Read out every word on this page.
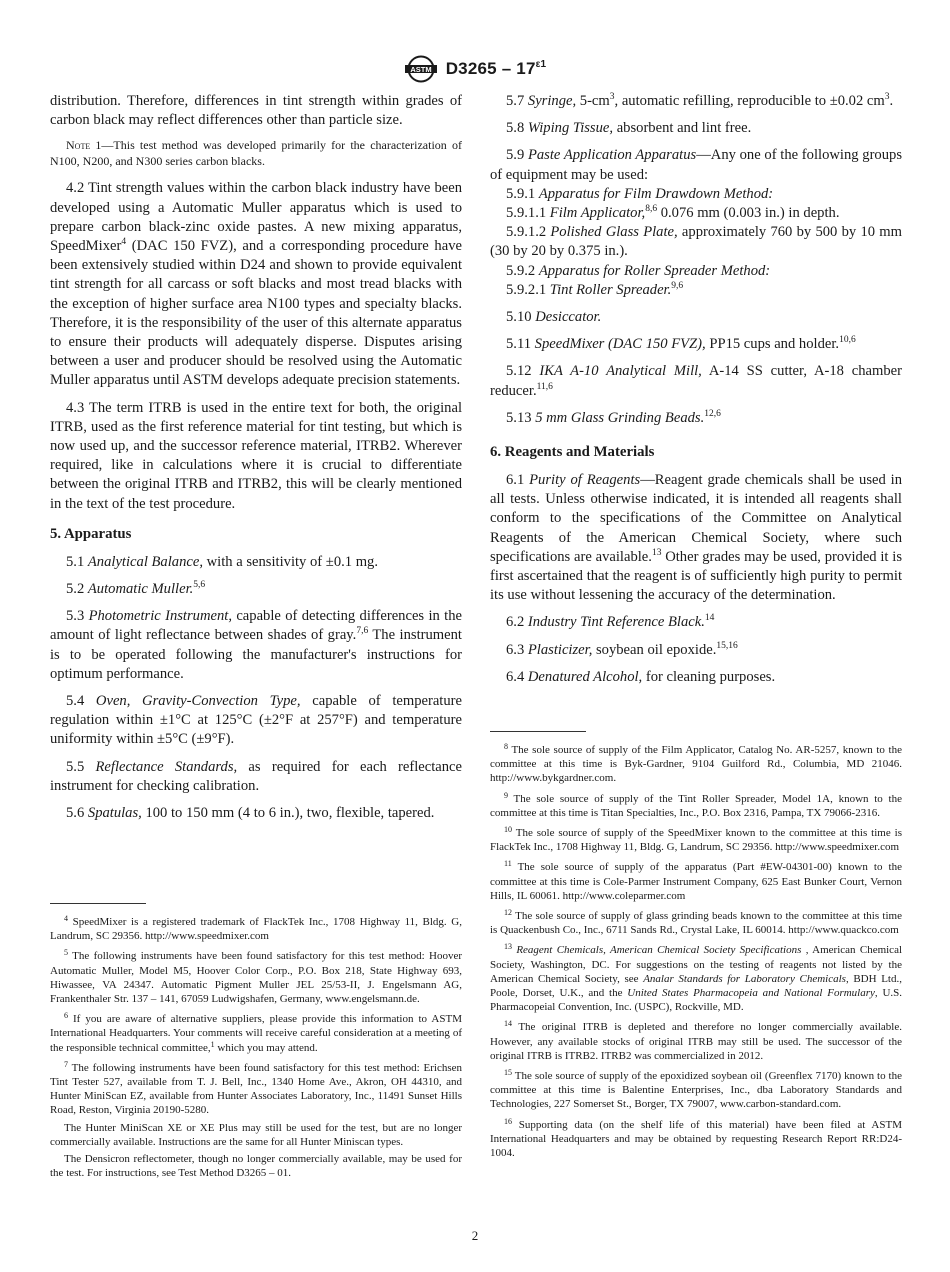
ASTM $D3265 - 17^{\varepsilon 1}$

distribution. Therefore, differences in tint strength within grades of carbon black may reflect differences other than particle size.

Note 1—This test method was developed primarily for the characterization of N100, N200, and N300 series carbon blacks.

4.2 Tint strength values within the carbon black industry have been developed using a Automatic Muller apparatus which is used to prepare carbon black-zinc oxide pastes. A new mixing apparatus, SpeedMixer$^4$ (DAC 150 FVZ), and a corresponding procedure have been extensively studied within D24 and shown to provide equivalent tint strength for all carcass or soft blacks and most tread blacks with the exception of higher surface area N100 types and specialty blacks. Therefore, it is the responsibility of the user of this alternate apparatus to ensure their products will adequately disperse. Disputes arising between a user and producer should be resolved using the Automatic Muller apparatus until ASTM develops adequate precision statements.

4.3 The term ITRB is used in the entire text for both, the original ITRB, used as the first reference material for tint testing, but which is now used up, and the successor reference material, ITRB2. Wherever required, like in calculations where it is crucial to differentiate between the original ITRB and ITRB2, this will be clearly mentioned in the text of the test procedure.

5. Apparatus

5.1 Analytical Balance, with a sensitivity of ±0.1 mg.

5.2 Automatic Muller.$^{5,6}$

5.3 Photometric Instrument, capable of detecting differences in the amount of light reflectance between shades of gray.$^{7,6}$ The instrument is to be operated following the manufacturer's instructions for optimum performance.

5.4 Oven, Gravity-Convection Type, capable of temperature regulation within ±1°C at 125°C (±2°F at 257°F) and temperature uniformity within ±5°C (±9°F).

5.5 Reflectance Standards, as required for each reflectance instrument for checking calibration.

5.6 Spatulas, 100 to 150 mm (4 to 6 in.), two, flexible, tapered.

$^4$ SpeedMixer is a registered trademark of FlackTek Inc., 1708 Highway 11, Bldg. G, Landrum, SC 29356. http://www.speedmixer.com

$^5$ The following instruments have been found satisfactory for this test method: Hoover Automatic Muller, Model M5, Hoover Color Corp., P.O. Box 218, State Highway 693, Hiwassee, VA 24347. Automatic Pigment Muller JEL 25/53-II, J. Engelsmann AG, Frankenthaler Str. 137 – 141, 67059 Ludwigshafen, Germany, www.engelsmann.de.

$^6$ If you are aware of alternative suppliers, please provide this information to ASTM International Headquarters. Your comments will receive careful consideration at a meeting of the responsible technical committee,$^1$ which you may attend.

$^7$ The following instruments have been found satisfactory for this test method: Erichsen Tint Tester 527, available from T. J. Bell, Inc., 1340 Home Ave., Akron, OH 44310, and Hunter MiniScan EZ, available from Hunter Associates Laboratory, Inc., 11491 Sunset Hills Road, Reston, Virginia 20190-5280.

The Hunter MiniScan XE or XE Plus may still be used for the test, but are no longer commercially available. Instructions are the same for all Hunter Miniscan types.

The Densicron reflectometer, though no longer commercially available, may be used for the test. For instructions, see Test Method D3265 – 01.

5.7 Syringe, $5-cm^3$, automatic refilling, reproducible to ±0.02 $cm^3$.

5.8 Wiping Tissue, absorbent and lint free.

5.9 Paste Application Apparatus—Any one of the following groups of equipment may be used:

5.9.1 Apparatus for Film Drawdown Method:

5.9.1.1 Film Applicator,$^{8,6}$ 0.076 mm (0.003 in.) in depth.

5.9.1.2 Polished Glass Plate, approximately 760 by 500 by 10 mm (30 by 20 by 0.375 in.).

5.9.2 Apparatus for Roller Spreader Method:

5.9.2.1 Tint Roller Spreader.$^{9,6}$

5.10 Desiccator.

5.11 SpeedMixer (DAC 150 FVZ), PP15 cups and holder.$^{10,6}$

5.12 IKA A-10 Analytical Mill, A-14 SS cutter, A-18 chamber reducer.$^{11,6}$

5.13 5 mm Glass Grinding Beads.$^{12,6}$

6. Reagents and Materials

6.1 Purity of Reagents—Reagent grade chemicals shall be used in all tests. Unless otherwise indicated, it is intended all reagents shall conform to the specifications of the Committee on Analytical Reagents of the American Chemical Society, where such specifications are available.$^{13}$ Other grades may be used, provided it is first ascertained that the reagent is of sufficiently high purity to permit its use without lessening the accuracy of the determination.

6.2 Industry Tint Reference Black.$^{14}$

6.3 Plasticizer, soybean oil epoxide.$^{15,16}$

6.4 Denatured Alcohol, for cleaning purposes.

$^8$ The sole source of supply of the Film Applicator, Catalog No. AR-5257, known to the committee at this time is Byk-Gardner, 9104 Guilford Rd., Columbia, MD 21046. http://www.bykgardner.com.

$^9$ The sole source of supply of the Tint Roller Spreader, Model 1A, known to the committee at this time is Titan Specialties, Inc., P.O. Box 2316, Pampa, TX 79066-2316.

$^{10}$ The sole source of supply of the SpeedMixer known to the committee at this time is FlackTek Inc., 1708 Highway 11, Bldg. G, Landrum, SC 29356. http://www.speedmixer.com

$^{11}$ The sole source of supply of the apparatus (Part #EW-04301-00) known to the committee at this time is Cole-Parmer Instrument Company, 625 East Bunker Court, Vernon Hills, IL 60061. http://www.coleparmer.com

$^{12}$ The sole source of supply of glass grinding beads known to the committee at this time is Quackenbush Co., Inc., 6711 Sands Rd., Crystal Lake, IL 60014. http://www.quackco.com

$^{13}$ Reagent Chemicals, American Chemical Society Specifications , American Chemical Society, Washington, DC. For suggestions on the testing of reagents not listed by the American Chemical Society, see Analar Standards for Laboratory Chemicals, BDH Ltd., Poole, Dorset, U.K., and the United States Pharmacopeia and National Formulary, U.S. Pharmacopeial Convention, Inc. (USPC), Rockville, MD.

$^{14}$ The original ITRB is depleted and therefore no longer commercially available. However, any available stocks of original ITRB may still be used. The successor of the original ITRB is ITRB2. ITRB2 was commercialized in 2012.

$^{15}$ The sole source of supply of the epoxidized soybean oil (Greenflex 7170) known to the committee at this time is Balentine Enterprises, Inc., dba Laboratory Standards and Technologies, 227 Somerset St., Borger, TX 79007, www.carbon-standard.com.

$^{16}$ Supporting data (on the shelf life of this material) have been filed at ASTM International Headquarters and may be obtained by requesting Research Report RR:D24-1004.

2
